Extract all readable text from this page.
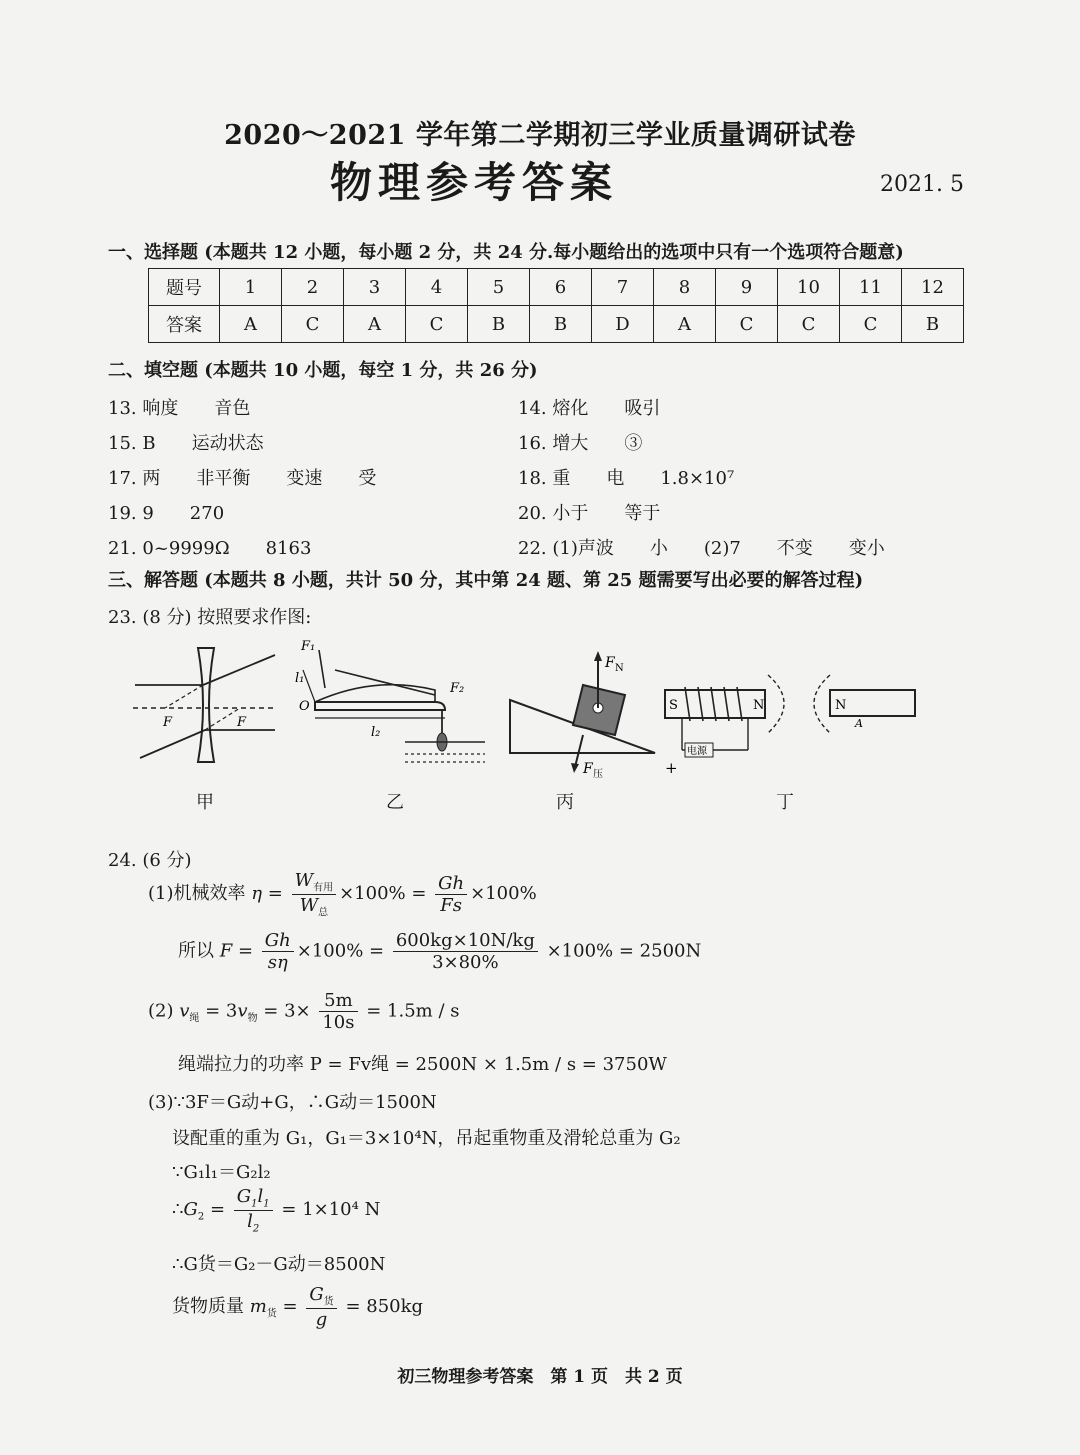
2020～2021 学年第二学期初三学业质量调研试卷
物理参考答案	2021. 5
一、选择题 (本题共 12 小题，每小题 2 分，共 24 分.每小题给出的选项中只有一个选项符合题意)
题号	1	2	3	4	5	6	7	8	9	10	11	12
答案	A	C	A	C	B	B	D	A	C	C	C	B
二、填空题 (本题共 10 小题，每空 1 分，共 26 分)
13. 响度　　音色	14. 熔化　　吸引
15. B　　运动状态	16. 增大　　③
17. 两　　非平衡　　变速　　受	18. 重　　电　　1.8×10⁷
19. 9　　270	20. 小于　　等于
21. 0~9999Ω　　8163	22. (1)声波　　小　　(2)7　　不变　　变小
三、解答题 (本题共 8 小题，共计 50 分，其中第 24 题、第 25 题需要写出必要的解答过程)
23. (8 分) 按照要求作图:
F	F
甲
F₁
l₁
O
F₂
l₂
乙
F N
F 压
丙
S	N	N
A
电源
+
丁
24. (6 分)
(1)机械效率 $\eta = \frac{W_{有用}}{W_总} \times 100\% = \frac{Gh}{Fs} \times 100\%$
所以 $F = \frac{Gh}{s\eta} \times 100\% = \frac{600kg\times 10N/kg}{3\times 80\%} \times 100\% = 2500N$
(2) $v_绳 = 3v_物 = 3\times \frac{5m}{10s} = 1.5m / s$
绳端拉力的功率 P = Fv绳 = 2500N × 1.5m / s = 3750W
(3)∵3F＝G动+G，∴G动＝1500N
设配重的重为 G₁，G₁＝3×10⁴N，吊起重物重及滑轮总重为 G₂
∵G₁l₁＝G₂l₂
$\therefore G_2 = \frac{G_1l_1}{l_2} = 1\times 10^4$ N
∴G货＝G₂－G动＝8500N
货物质量 $m_货 = \frac{G_货}{g} = 850kg$
初三物理参考答案　第 1 页　共 2 页
